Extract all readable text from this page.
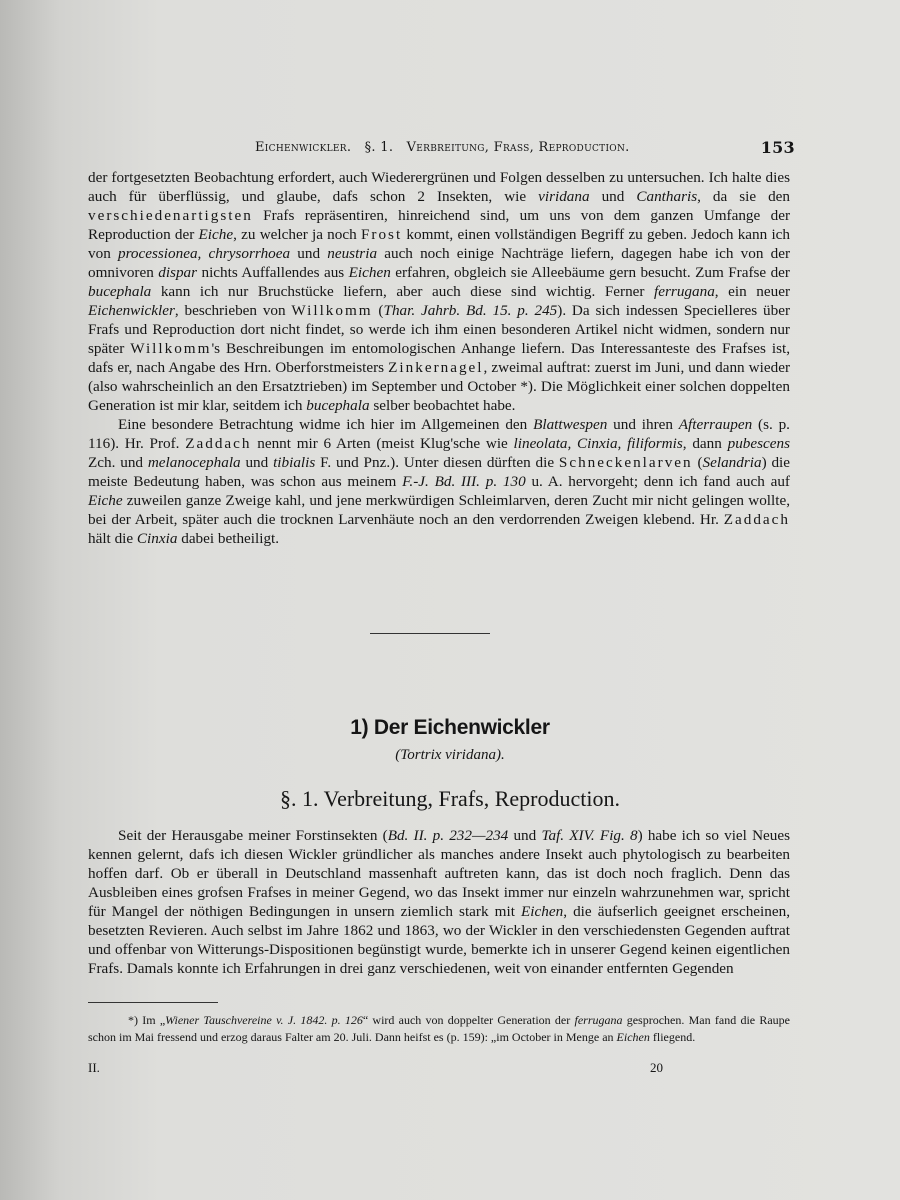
Eichenwickler. §. 1. Verbreitung, Frass, Reproduction.	153

der fortgesetzten Beobachtung erfordert, auch Wiederergrünen und Folgen desselben zu untersuchen. Ich halte dies auch für überflüssig, und glaube, dafs schon 2 Insekten, wie viridana und Cantharis, da sie den verschiedenartigsten Frafs repräsentiren, hinreichend sind, um uns von dem ganzen Umfange der Reproduction der Eiche, zu welcher ja noch Frost kommt, einen vollständigen Begriff zu geben. Jedoch kann ich von processionea, chrysorrhoea und neustria auch noch einige Nachträge liefern, dagegen habe ich von der omnivoren dispar nichts Auffallendes aus Eichen erfahren, obgleich sie Alleebäume gern besucht. Zum Frafse der bucephala kann ich nur Bruchstücke liefern, aber auch diese sind wichtig. Ferner ferrugana, ein neuer Eichenwickler, beschrieben von Willkomm (Thar. Jahrb. Bd. 15. p. 245). Da sich indessen Specielleres über Frafs und Reproduction dort nicht findet, so werde ich ihm einen besonderen Artikel nicht widmen, sondern nur später Willkomm's Beschreibungen im entomologischen Anhange liefern. Das Interessanteste des Frafses ist, dafs er, nach Angabe des Hrn. Oberforstmeisters Zinkernagel, zweimal auftrat: zuerst im Juni, und dann wieder (also wahrscheinlich an den Ersatztrieben) im September und October *). Die Möglichkeit einer solchen doppelten Generation ist mir klar, seitdem ich bucephala selber beobachtet habe.

Eine besondere Betrachtung widme ich hier im Allgemeinen den Blattwespen und ihren Afterraupen (s. p. 116). Hr. Prof. Zaddach nennt mir 6 Arten (meist Klug'sche wie lineolata, Cinxia, filiformis, dann pubescens Zch. und melanocephala und tibialis F. und Pnz.). Unter diesen dürften die Schneckenlarven (Selandria) die meiste Bedeutung haben, was schon aus meinem F.-J. Bd. III. p. 130 u. A. hervorgeht; denn ich fand auch auf Eiche zuweilen ganze Zweige kahl, und jene merkwürdigen Schleimlarven, deren Zucht mir nicht gelingen wollte, bei der Arbeit, später auch die trocknen Larvenhäute noch an den verdorrenden Zweigen klebend. Hr. Zaddach hält die Cinxia dabei betheiligt.

1) Der Eichenwickler
(Tortrix viridana).
§. 1. Verbreitung, Frafs, Reproduction.

Seit der Herausgabe meiner Forstinsekten (Bd. II. p. 232—234 und Taf. XIV. Fig. 8) habe ich so viel Neues kennen gelernt, dafs ich diesen Wickler gründlicher als manches andere Insekt auch phytologisch zu bearbeiten hoffen darf. Ob er überall in Deutschland massenhaft auftreten kann, das ist doch noch fraglich. Denn das Ausbleiben eines grofsen Frafses in meiner Gegend, wo das Insekt immer nur einzeln wahrzunehmen war, spricht für Mangel der nöthigen Bedingungen in unsern ziemlich stark mit Eichen, die äufserlich geeignet erscheinen, besetzten Revieren. Auch selbst im Jahre 1862 und 1863, wo der Wickler in den verschiedensten Gegenden auftrat und offenbar von Witterungs-Dispositionen begünstigt wurde, bemerkte ich in unserer Gegend keinen eigentlichen Frafs. Damals konnte ich Erfahrungen in drei ganz verschiedenen, weit von einander entfernten Gegenden

*) Im „Wiener Tauschvereine v. J. 1842. p. 126“ wird auch von doppelter Generation der ferrugana gesprochen. Man fand die Raupe schon im Mai fressend und erzog daraus Falter am 20. Juli. Dann heifst es (p. 159): „im October in Menge an Eichen fliegend.

II.	20
